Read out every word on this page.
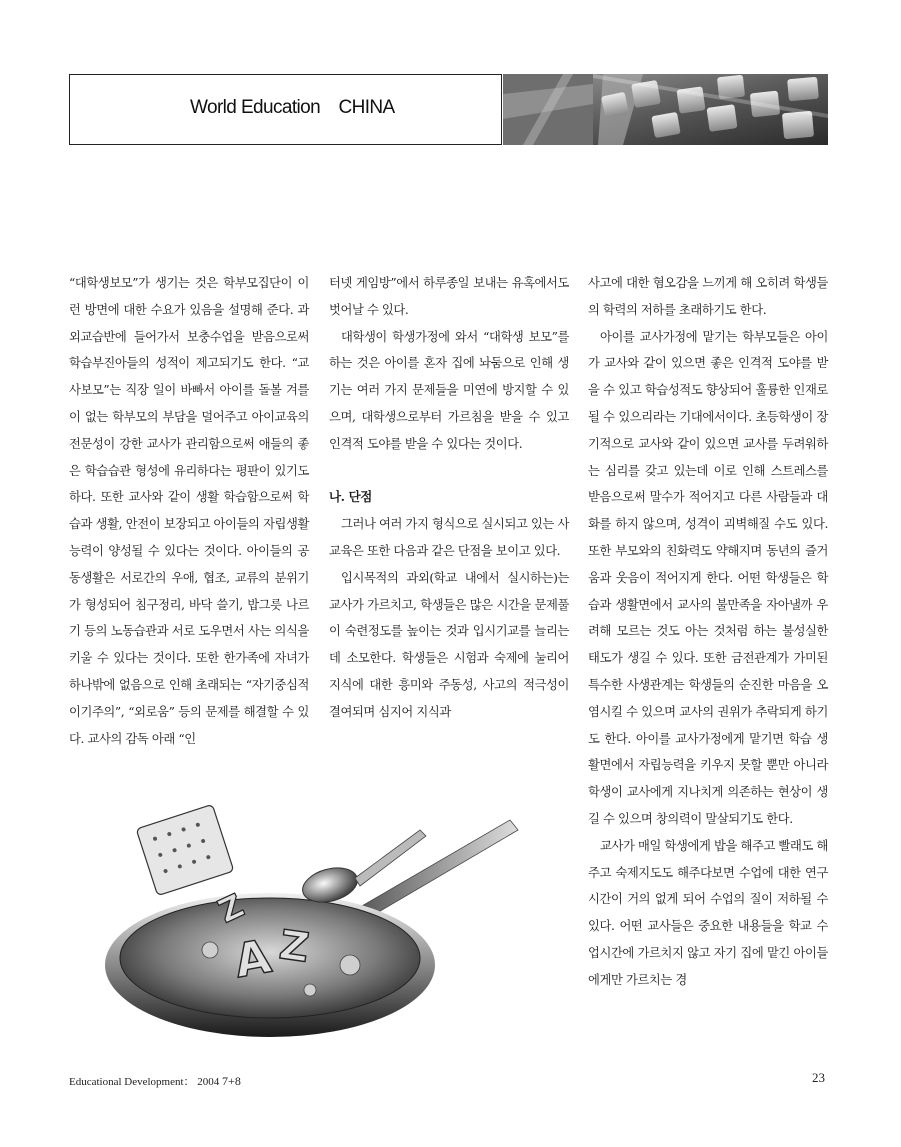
World Education CHINA

“대학생보모”가 생기는 것은 학부모집단이 이런 방면에 대한 수요가 있음을 설명해 준다. 과외교습반에 들어가서 보충수업을 받음으로써 학습부진아들의 성적이 제고되기도 한다. “교사보모”는 직장 일이 바빠서 아이를 돌볼 겨를이 없는 학부모의 부담을 덜어주고 아이교육의 전문성이 강한 교사가 관리함으로써 애들의 좋은 학습습관 형성에 유리하다는 평판이 있기도 하다. 또한 교사와 같이 생활 학습함으로써 학습과 생활, 안전이 보장되고 아이들의 자립생활능력이 양성될 수 있다는 것이다. 아이들의 공동생활은 서로간의 우애, 협조, 교류의 분위기가 형성되어 침구정리, 바닥 쓸기, 밥그릇 나르기 등의 노동습관과 서로 도우면서 사는 의식을 키울 수 있다는 것이다. 또한 한가족에 자녀가 하나밖에 없음으로 인해 초래되는 “자기중심적 이기주의”, “외로움” 등의 문제를 해결할 수 있다. 교사의 감독 아래 “인

터넷 게임방”에서 하루종일 보내는 유혹에서도 벗어날 수 있다.

대학생이 학생가정에 와서 “대학생 보모”를 하는 것은 아이를 혼자 집에 놔둠으로 인해 생기는 여러 가지 문제들을 미연에 방지할 수 있으며, 대학생으로부터 가르침을 받을 수 있고 인격적 도야를 받을 수 있다는 것이다.

나. 단점

그러나 여러 가지 형식으로 실시되고 있는 사교육은 또한 다음과 같은 단점을 보이고 있다.

입시목적의 과외(학교 내에서 실시하는)는 교사가 가르치고, 학생들은 많은 시간을 문제풀이 숙련정도를 높이는 것과 입시기교를 늘리는데 소모한다. 학생들은 시험과 숙제에 눌리어 지식에 대한 흥미와 주동성, 사고의 적극성이 결여되며 심지어 지식과

사고에 대한 혐오감을 느끼게 해 오히려 학생들의 학력의 저하를 초래하기도 한다.

아이를 교사가정에 맡기는 학부모들은 아이가 교사와 같이 있으면 좋은 인격적 도야를 받을 수 있고 학습성적도 향상되어 훌륭한 인재로 될 수 있으리라는 기대에서이다. 초등학생이 장기적으로 교사와 같이 있으면 교사를 두려워하는 심리를 갖고 있는데 이로 인해 스트레스를 받음으로써 말수가 적어지고 다른 사람들과 대화를 하지 않으며, 성격이 괴벽해질 수도 있다. 또한 부모와의 친화력도 약해지며 동년의 즐거움과 웃음이 적어지게 한다. 어떤 학생들은 학습과 생활면에서 교사의 불만족을 자아낼까 우려해 모르는 것도 아는 것처럼 하는 불성실한 태도가 생길 수 있다. 또한 금전관계가 가미된 특수한 사생관계는 학생들의 순진한 마음을 오염시킬 수 있으며 교사의 권위가 추락되게 하기도 한다. 아이를 교사가정에게 맡기면 학습 생활면에서 자립능력을 키우지 못할 뿐만 아니라 학생이 교사에게 지나치게 의존하는 현상이 생길 수 있으며 창의력이 말살되기도 한다.

교사가 매일 학생에게 밥을 해주고 빨래도 해주고 숙제지도도 해주다보면 수업에 대한 연구시간이 거의 없게 되어 수업의 질이 저하될 수 있다. 어떤 교사들은 중요한 내용들을 학교 수업시간에 가르치지 않고 자기 집에 맡긴 아이들에게만 가르치는 경

A Z
Z
Educational Development： 2004 7+8	23
